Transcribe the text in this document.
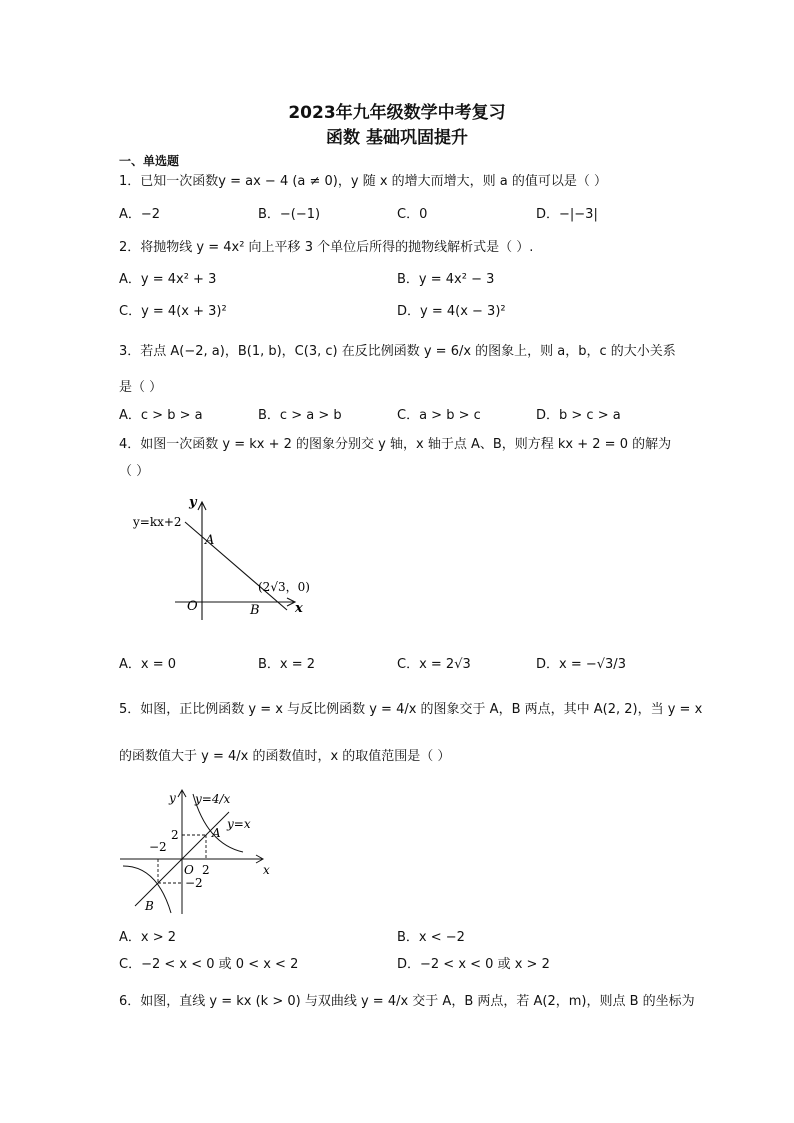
2023年九年级数学中考复习
函数 基础巩固提升
一、单选题
1．已知一次函数y = ax − 4 (a ≠ 0)，y 随 x 的增大而增大，则 a 的值可以是（ ）
A．−2	B．−(−1)	C．0	D．−|−3|
2．将抛物线 y = 4x² 向上平移 3 个单位后所得的抛物线解析式是（ ）.
A．y = 4x² + 3	B．y = 4x² − 3
C．y = 4(x + 3)²	D．y = 4(x − 3)²
3．若点 A(−2, a)，B(1, b)，C(3, c) 在反比例函数 y = 6/x 的图象上，则 a，b，c 的大小关系
是（ ）
A．c > b > a	B．c > a > b	C．a > b > c	D．b > c > a
4．如图一次函数 y = kx + 2 的图象分别交 y 轴，x 轴于点 A、B，则方程 kx + 2 = 0 的解为
（ ）
y=kx+2
y
A
O	B
(2√3，0)
x
A．x = 0	B．x = 2	C．x = 2√3	D．x = −√3/3
5．如图，正比例函数 y = x 与反比例函数 y = 4/x 的图象交于 A，B 两点，其中 A(2, 2)，当 y = x
的函数值大于 y = 4/x 的函数值时，x 的取值范围是（ ）
y=4/x
y
y=x
A
2
−2
O 2
−2
B
x
A．x > 2	B．x < −2
C．−2 < x < 0 或 0 < x < 2	D．−2 < x < 0 或 x > 2
6．如图，直线 y = kx (k > 0) 与双曲线 y = 4/x 交于 A，B 两点，若 A(2，m)，则点 B 的坐标为
